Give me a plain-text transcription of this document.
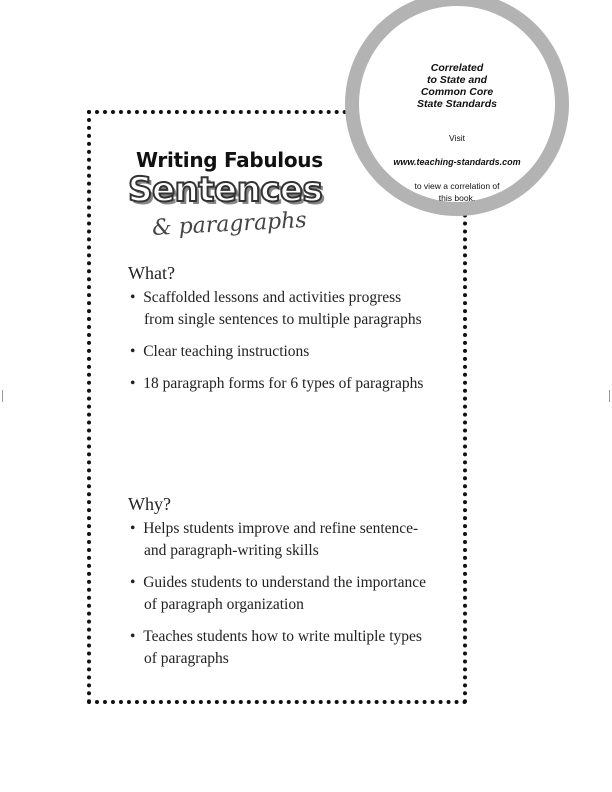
Correlated
to State and
Common Core
State Standards

Visit

www.teaching-standards.com

to view a correlation of
this book.

Writing Fabulous
Sentences
& paragraphs
What?
•  Scaffolded lessons and activities progress from single sentences to multiple paragraphs
•  Clear teaching instructions
•  18 paragraph forms for 6 types of paragraphs
Why?
•  Helps students improve and refine sentence- and paragraph-writing skills
•  Guides students to understand the importance of paragraph organization
•  Teaches students how to write multiple types of paragraphs
